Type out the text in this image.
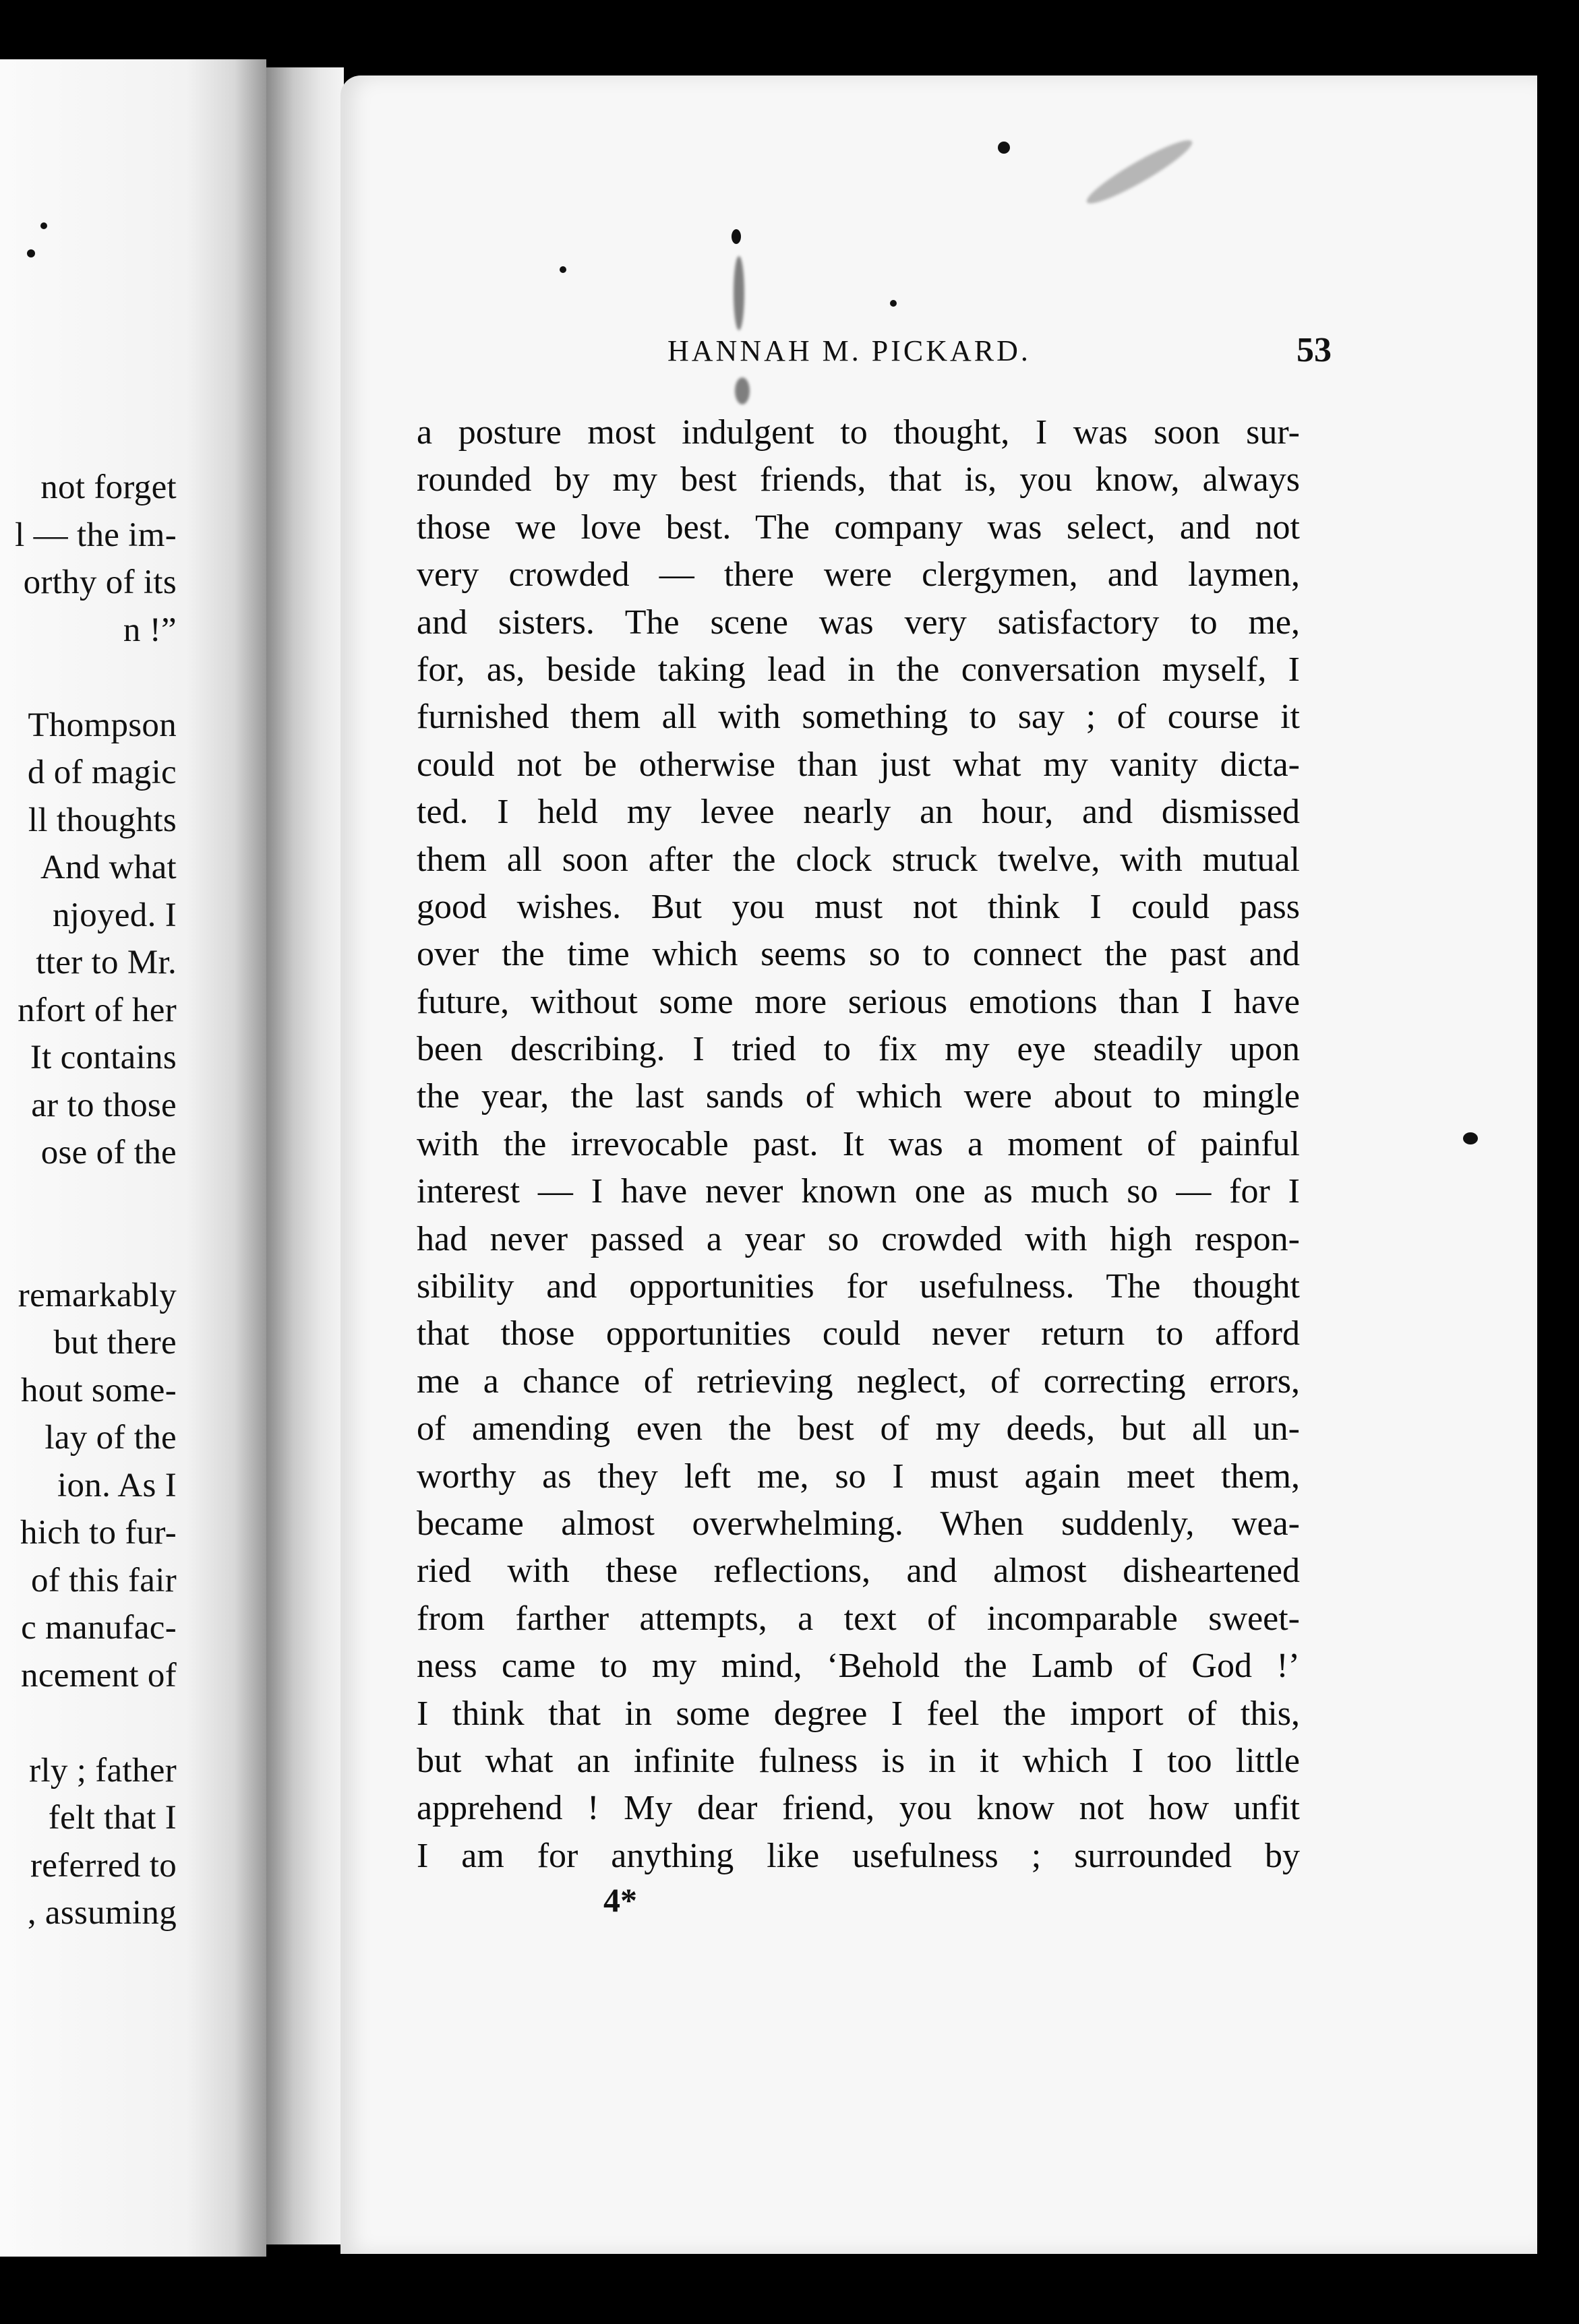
not forget
l — the im-
orthy of its
n !”
Thompson
d of magic
ll thoughts
And what
njoyed. I
tter to Mr.
nfort of her
It contains
ar to those
ose of the
remarkably
but there
hout some-
lay of the
ion. As I
hich to fur-
of this fair
c manufac-
ncement of
rly ; father
felt that I
referred to
, assuming
HANNAH M. PICKARD.	53
a posture most indulgent to thought, I was soon sur-
rounded by my best friends, that is, you know, always
those we love best. The company was select, and not
very crowded — there were clergymen, and laymen,
and sisters. The scene was very satisfactory to me,
for, as, beside taking lead in the conversation myself, I
furnished them all with something to say ; of course it
could not be otherwise than just what my vanity dicta-
ted. I held my levee nearly an hour, and dismissed
them all soon after the clock struck twelve, with mutual
good wishes. But you must not think I could pass
over the time which seems so to connect the past and
future, without some more serious emotions than I have
been describing. I tried to fix my eye steadily upon
the year, the last sands of which were about to mingle
with the irrevocable past. It was a moment of painful
interest — I have never known one as much so — for I
had never passed a year so crowded with high respon-
sibility and opportunities for usefulness. The thought
that those opportunities could never return to afford
me a chance of retrieving neglect, of correcting errors,
of amending even the best of my deeds, but all un-
worthy as they left me, so I must again meet them,
became almost overwhelming. When suddenly, wea-
ried with these reflections, and almost disheartened
from farther attempts, a text of incomparable sweet-
ness came to my mind, ‘Behold the Lamb of God !’
I think that in some degree I feel the import of this,
but what an infinite fulness is in it which I too little
apprehend ! My dear friend, you know not how unfit
I am for anything like usefulness ; surrounded by
4*
